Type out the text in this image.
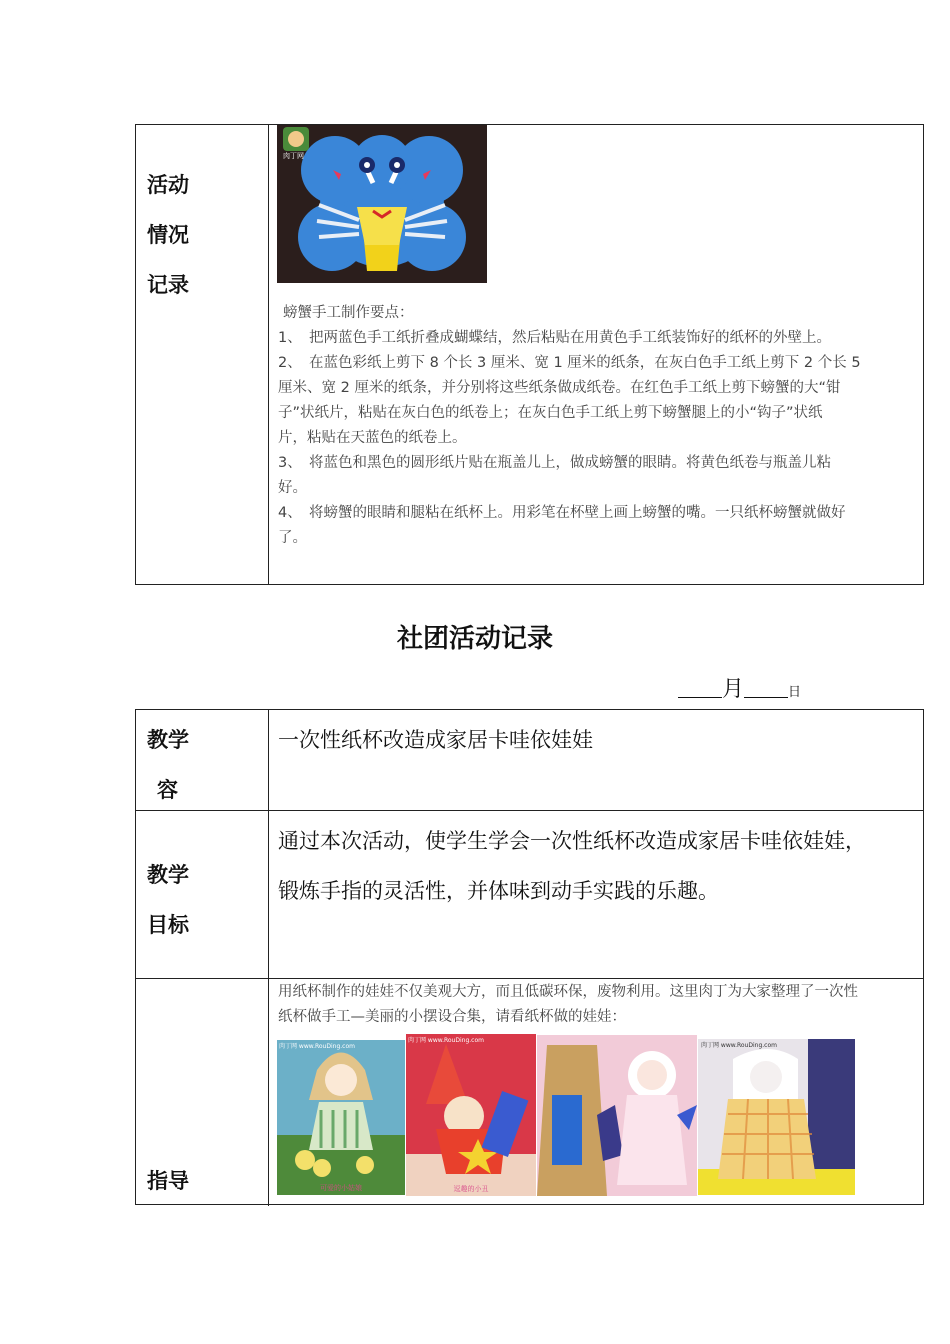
活动
情况
记录
肉丁网
螃蟹手工制作要点：
1、　把两蓝色手工纸折叠成蝴蝶结，然后粘贴在用黄色手工纸装饰好的纸杯的外壁上。
2、　在蓝色彩纸上剪下 8 个长 3 厘米、宽 1 厘米的纸条，在灰白色手工纸上剪下 2 个长 5
厘米、宽 2 厘米的纸条，并分别将这些纸条做成纸卷。在红色手工纸上剪下螃蟹的大“钳
子”状纸片，粘贴在灰白色的纸卷上；在灰白色手工纸上剪下螃蟹腿上的小“钩子”状纸
片，粘贴在天蓝色的纸卷上。
3、　将蓝色和黑色的圆形纸片贴在瓶盖儿上，做成螃蟹的眼睛。将黄色纸卷与瓶盖儿粘
好。
4、　将螃蟹的眼睛和腿粘在纸杯上。用彩笔在杯壁上画上螃蟹的嘴。一只纸杯螃蟹就做好
了。
社团活动记录
月	日
教学
容
一次性纸杯改造成家居卡哇依娃娃
教学
目标
通过本次活动，使学生学会一次性纸杯改造成家居卡哇依娃娃，
锻炼手指的灵活性，并体味到动手实践的乐趣。
指导
用纸杯制作的娃娃不仅美观大方，而且低碳环保，废物利用。这里肉丁为大家整理了一次性
纸杯做手工—美丽的小摆设合集，请看纸杯做的娃娃：
肉丁网 www.RouDing.com
可爱的小姑娘
肉丁网 www.RouDing.com
逗趣的小丑
肉丁网 www.RouDing.com
